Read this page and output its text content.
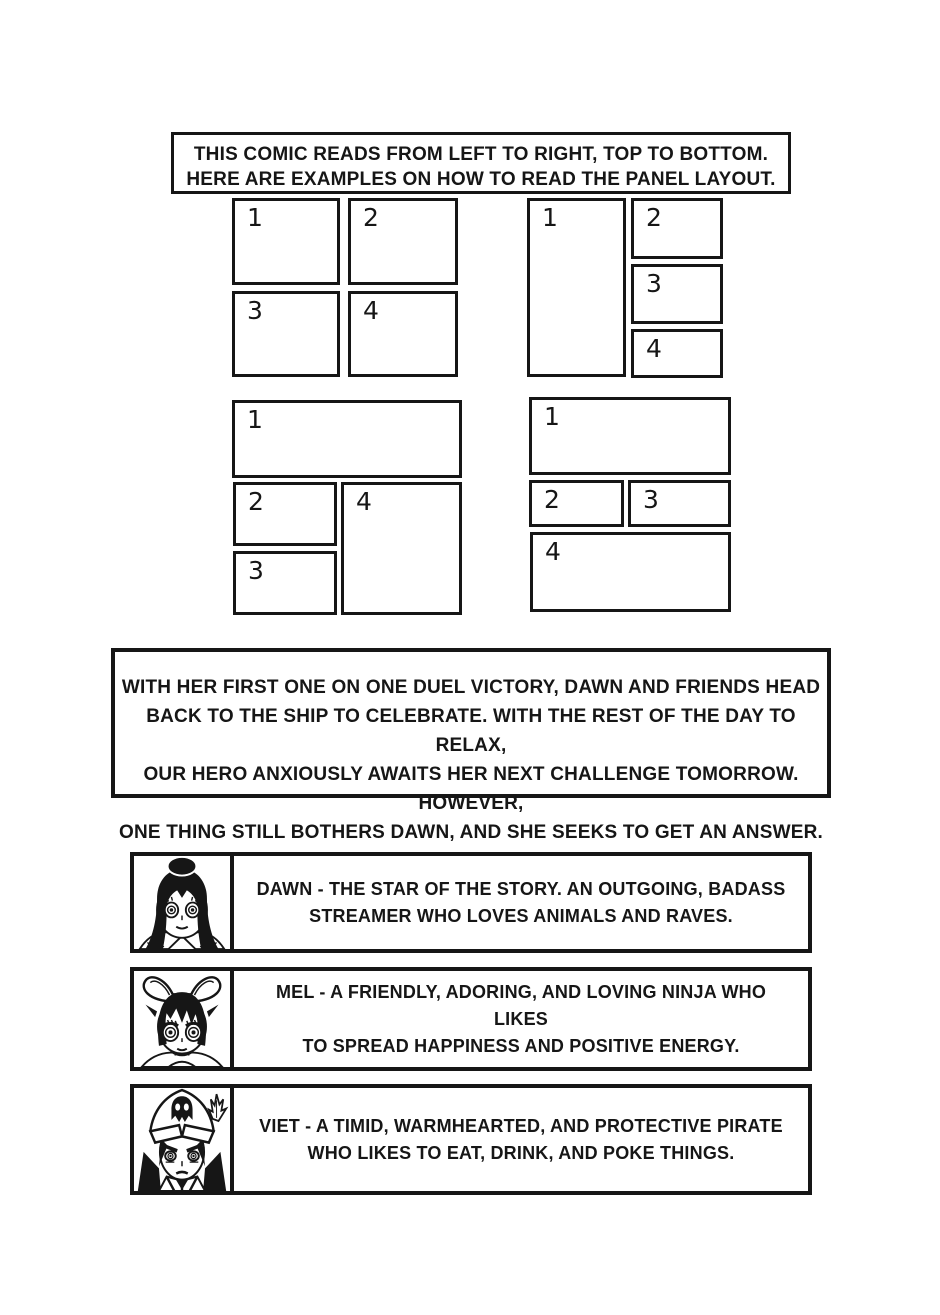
THIS COMIC READS FROM LEFT TO RIGHT, TOP TO BOTTOM.
HERE ARE EXAMPLES ON HOW TO READ THE PANEL LAYOUT.
1	2
3	4
1	2
3
4
1
2
3
4
1
2	3
4
WITH HER FIRST ONE ON ONE DUEL VICTORY, DAWN AND FRIENDS HEAD
BACK TO THE SHIP TO CELEBRATE. WITH THE REST OF THE DAY TO RELAX,
OUR HERO ANXIOUSLY AWAITS HER NEXT CHALLENGE TOMORROW. HOWEVER,
ONE THING STILL BOTHERS DAWN, AND SHE SEEKS TO GET AN ANSWER.
DAWN - THE STAR OF THE STORY. AN OUTGOING, BADASS
STREAMER WHO LOVES ANIMALS AND RAVES.
MEL - A FRIENDLY, ADORING, AND LOVING NINJA WHO LIKES
TO SPREAD HAPPINESS AND POSITIVE ENERGY.
VIET - A TIMID, WARMHEARTED, AND PROTECTIVE PIRATE
WHO LIKES TO EAT, DRINK, AND POKE THINGS.
